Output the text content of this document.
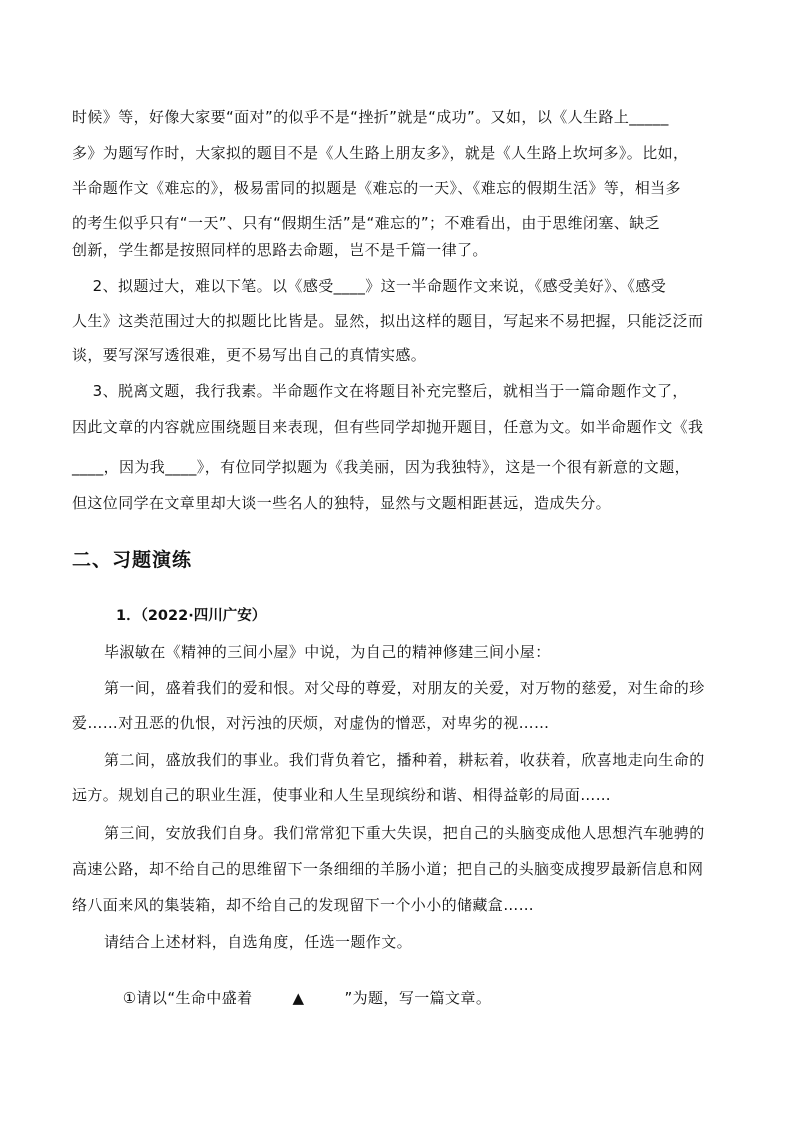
时候》等，好像大家要“面对”的似乎不是“挫折”就是“成功”。又如，以《人生路上_____
多》为题写作时，大家拟的题目不是《人生路上朋友多》，就是《人生路上坎坷多》。比如，
半命题作文《难忘的》，极易雷同的拟题是《难忘的一天》、《难忘的假期生活》等，相当多
的考生似乎只有“一天”、只有“假期生活”是“难忘的”；不难看出，由于思维闭塞、缺乏
创新，学生都是按照同样的思路去命题，岂不是千篇一律了。
2、拟题过大，难以下笔。以《感受____》这一半命题作文来说，《感受美好》、《感受
人生》这类范围过大的拟题比比皆是。显然，拟出这样的题目，写起来不易把握，只能泛泛而
谈，要写深写透很难，更不易写出自己的真情实感。
3、脱离文题，我行我素。半命题作文在将题目补充完整后，就相当于一篇命题作文了，
因此文章的内容就应围绕题目来表现，但有些同学却抛开题目，任意为文。如半命题作文《我
____，因为我____》，有位同学拟题为《我美丽，因为我独特》，这是一个很有新意的文题，
但这位同学在文章里却大谈一些名人的独特，显然与文题相距甚远，造成失分。
二、习题演练
1．（2022·四川广安）
毕淑敏在《精神的三间小屋》中说，为自己的精神修建三间小屋：
第一间，盛着我们的爱和恨。对父母的尊爱，对朋友的关爱，对万物的慈爱，对生命的珍
爱……对丑恶的仇恨，对污浊的厌烦，对虚伪的憎恶，对卑劣的视……
第二间，盛放我们的事业。我们背负着它，播种着，耕耘着，收获着，欣喜地走向生命的
远方。规划自己的职业生涯，使事业和人生呈现缤纷和谐、相得益彰的局面……
第三间，安放我们自身。我们常常犯下重大失误，把自己的头脑变成他人思想汽车驰骋的
高速公路，却不给自己的思维留下一条细细的羊肠小道；把自己的头脑变成搜罗最新信息和网
络八面来风的集装箱，却不给自己的发现留下一个小小的储藏盒……
请结合上述材料，自选角度，任选一题作文。

①请以“生命中盛着	▲	”为题，写一篇文章。
